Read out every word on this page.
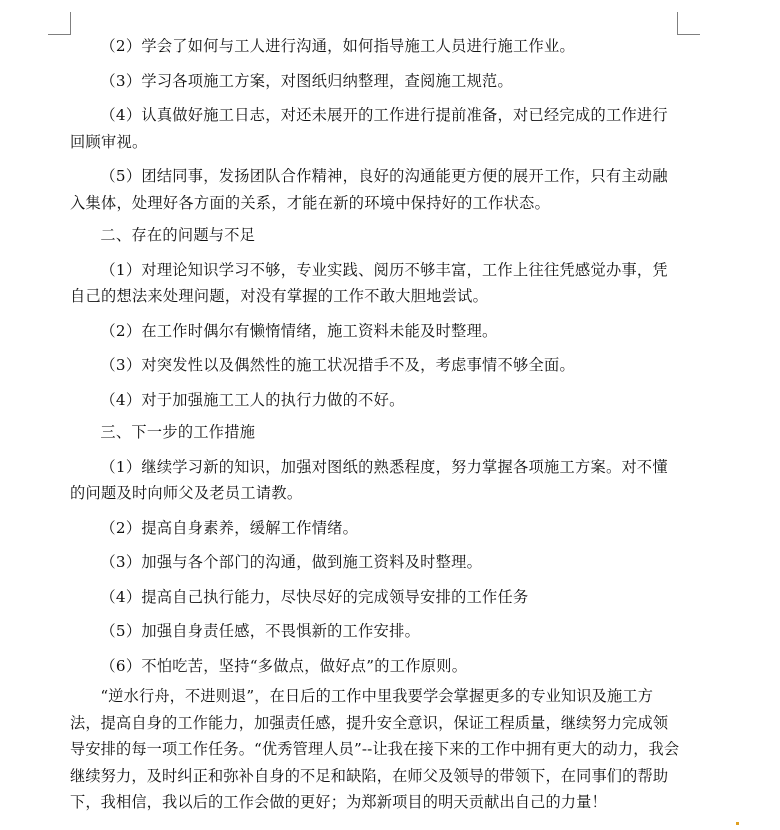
（2）学会了如何与工人进行沟通，如何指导施工人员进行施工作业。

（3）学习各项施工方案，对图纸归纳整理，查阅施工规范。

（4）认真做好施工日志，对还未展开的工作进行提前准备，对已经完成的工作进行回顾审视。

（5）团结同事，发扬团队合作精神，良好的沟通能更方便的展开工作，只有主动融入集体，处理好各方面的关系，才能在新的环境中保持好的工作状态。

二、存在的问题与不足

（1）对理论知识学习不够，专业实践、阅历不够丰富，工作上往往凭感觉办事，凭自己的想法来处理问题，对没有掌握的工作不敢大胆地尝试。

（2）在工作时偶尔有懒惰情绪，施工资料未能及时整理。

（3）对突发性以及偶然性的施工状况措手不及，考虑事情不够全面。

（4）对于加强施工工人的执行力做的不好。

三、下一步的工作措施

（1）继续学习新的知识，加强对图纸的熟悉程度，努力掌握各项施工方案。对不懂的问题及时向师父及老员工请教。

（2）提高自身素养，缓解工作情绪。

（3）加强与各个部门的沟通，做到施工资料及时整理。

（4）提高自己执行能力，尽快尽好的完成领导安排的工作任务

（5）加强自身责任感，不畏惧新的工作安排。

（6）不怕吃苦，坚持“多做点，做好点”的工作原则。

“逆水行舟，不进则退”，在日后的工作中里我要学会掌握更多的专业知识及施工方法，提高自身的工作能力，加强责任感，提升安全意识，保证工程质量，继续努力完成领导安排的每一项工作任务。“优秀管理人员”--让我在接下来的工作中拥有更大的动力，我会继续努力，及时纠正和弥补自身的不足和缺陷，在师父及领导的带领下，在同事们的帮助下，我相信，我以后的工作会做的更好；为郑新项目的明天贡献出自己的力量！
